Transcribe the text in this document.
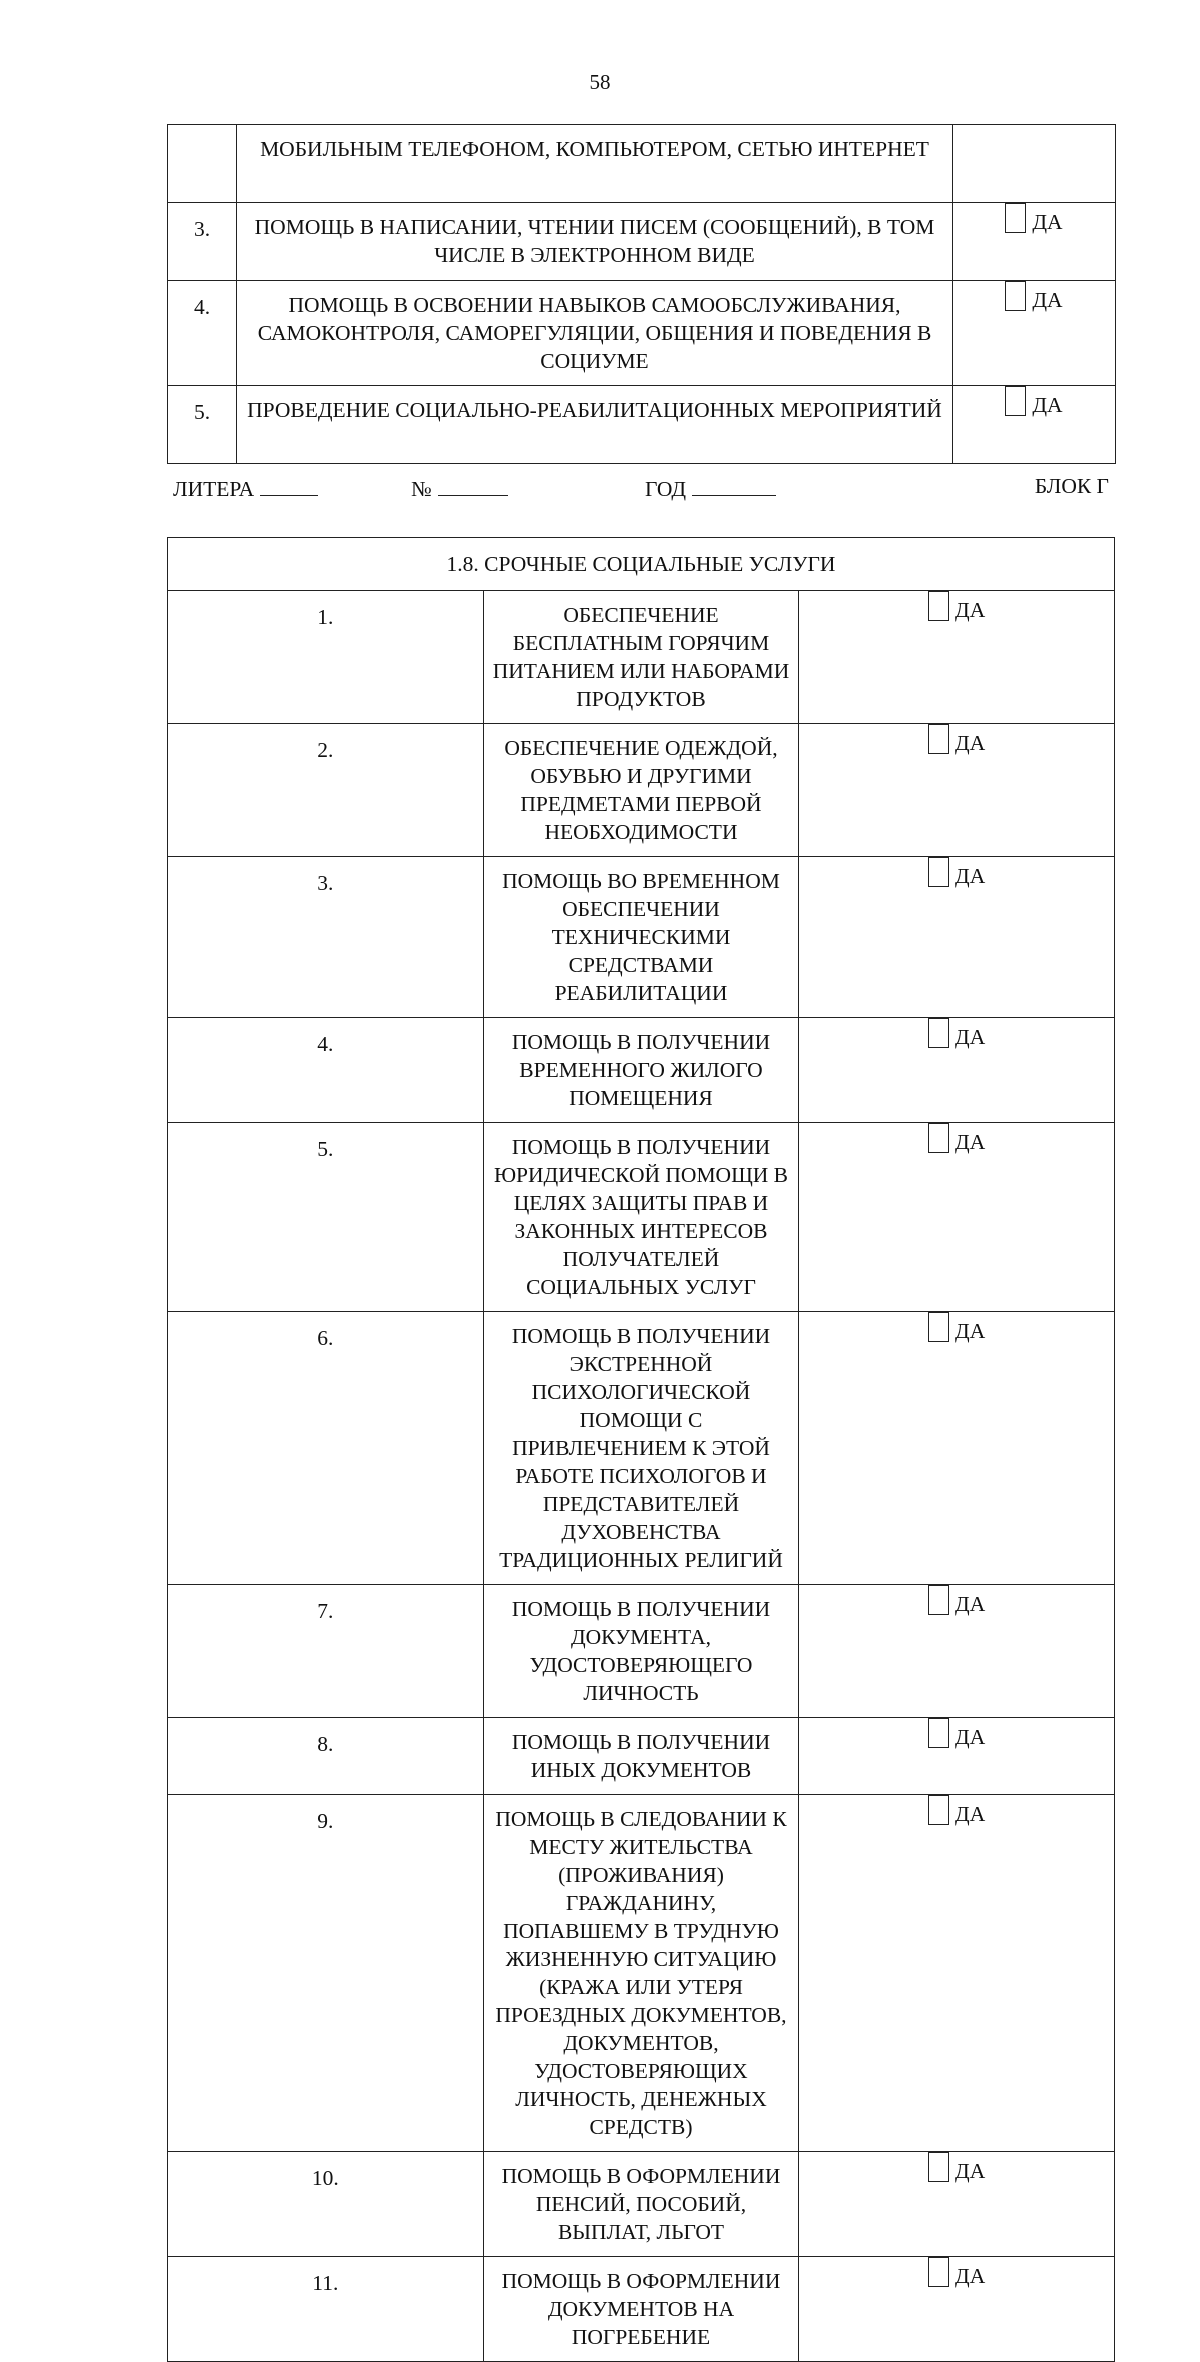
58
	МОБИЛЬНЫМ ТЕЛЕФОНОМ, КОМПЬЮТЕРОМ, СЕТЬЮ ИНТЕРНЕТ	
3.	ПОМОЩЬ В НАПИСАНИИ, ЧТЕНИИ ПИСЕМ (СООБЩЕНИЙ), В ТОМ ЧИСЛЕ В ЭЛЕКТРОННОМ ВИДЕ	ДА

4.	ПОМОЩЬ В ОСВОЕНИИ НАВЫКОВ САМООБСЛУЖИВАНИЯ, САМОКОНТРОЛЯ, САМОРЕГУЛЯЦИИ, ОБЩЕНИЯ И ПОВЕДЕНИЯ В СОЦИУМЕ	ДА

5.	ПРОВЕДЕНИЕ СОЦИАЛЬНО-РЕАБИЛИТАЦИОННЫХ МЕРОПРИЯТИЙ	ДА
ЛИТЕРА	№	ГОД	БЛОК Г
1.8. СРОЧНЫЕ СОЦИАЛЬНЫЕ УСЛУГИ		
1.	ОБЕСПЕЧЕНИЕ БЕСПЛАТНЫМ ГОРЯЧИМ ПИТАНИЕМ ИЛИ НАБОРАМИ ПРОДУКТОВ	ДА

2.	ОБЕСПЕЧЕНИЕ ОДЕЖДОЙ, ОБУВЬЮ И ДРУГИМИ ПРЕДМЕТАМИ ПЕРВОЙ НЕОБХОДИМОСТИ	ДА

3.	ПОМОЩЬ ВО ВРЕМЕННОМ ОБЕСПЕЧЕНИИ ТЕХНИЧЕСКИМИ СРЕДСТВАМИ РЕАБИЛИТАЦИИ	ДА

4.	ПОМОЩЬ В ПОЛУЧЕНИИ ВРЕМЕННОГО ЖИЛОГО ПОМЕЩЕНИЯ	ДА

5.	ПОМОЩЬ В ПОЛУЧЕНИИ ЮРИДИЧЕСКОЙ ПОМОЩИ В ЦЕЛЯХ ЗАЩИТЫ ПРАВ И ЗАКОННЫХ ИНТЕРЕСОВ ПОЛУЧАТЕЛЕЙ СОЦИАЛЬНЫХ УСЛУГ	ДА

6.	ПОМОЩЬ В ПОЛУЧЕНИИ ЭКСТРЕННОЙ ПСИХОЛОГИЧЕСКОЙ ПОМОЩИ С ПРИВЛЕЧЕНИЕМ К ЭТОЙ РАБОТЕ ПСИХОЛОГОВ И ПРЕДСТАВИТЕЛЕЙ ДУХОВЕНСТВА ТРАДИЦИОННЫХ РЕЛИГИЙ	ДА

7.	ПОМОЩЬ В ПОЛУЧЕНИИ ДОКУМЕНТА, УДОСТОВЕРЯЮЩЕГО ЛИЧНОСТЬ	ДА

8.	ПОМОЩЬ В ПОЛУЧЕНИИ ИНЫХ ДОКУМЕНТОВ	ДА

9.	ПОМОЩЬ В СЛЕДОВАНИИ К МЕСТУ ЖИТЕЛЬСТВА (ПРОЖИВАНИЯ) ГРАЖДАНИНУ, ПОПАВШЕМУ В ТРУДНУЮ ЖИЗНЕННУЮ СИТУАЦИЮ (КРАЖА ИЛИ УТЕРЯ ПРОЕЗДНЫХ ДОКУМЕНТОВ, ДОКУМЕНТОВ, УДОСТОВЕРЯЮЩИХ ЛИЧНОСТЬ, ДЕНЕЖНЫХ СРЕДСТВ)	ДА

10.	ПОМОЩЬ В ОФОРМЛЕНИИ ПЕНСИЙ, ПОСОБИЙ, ВЫПЛАТ, ЛЬГОТ	ДА

11.	ПОМОЩЬ В ОФОРМЛЕНИИ ДОКУМЕНТОВ НА ПОГРЕБЕНИЕ	ДА
